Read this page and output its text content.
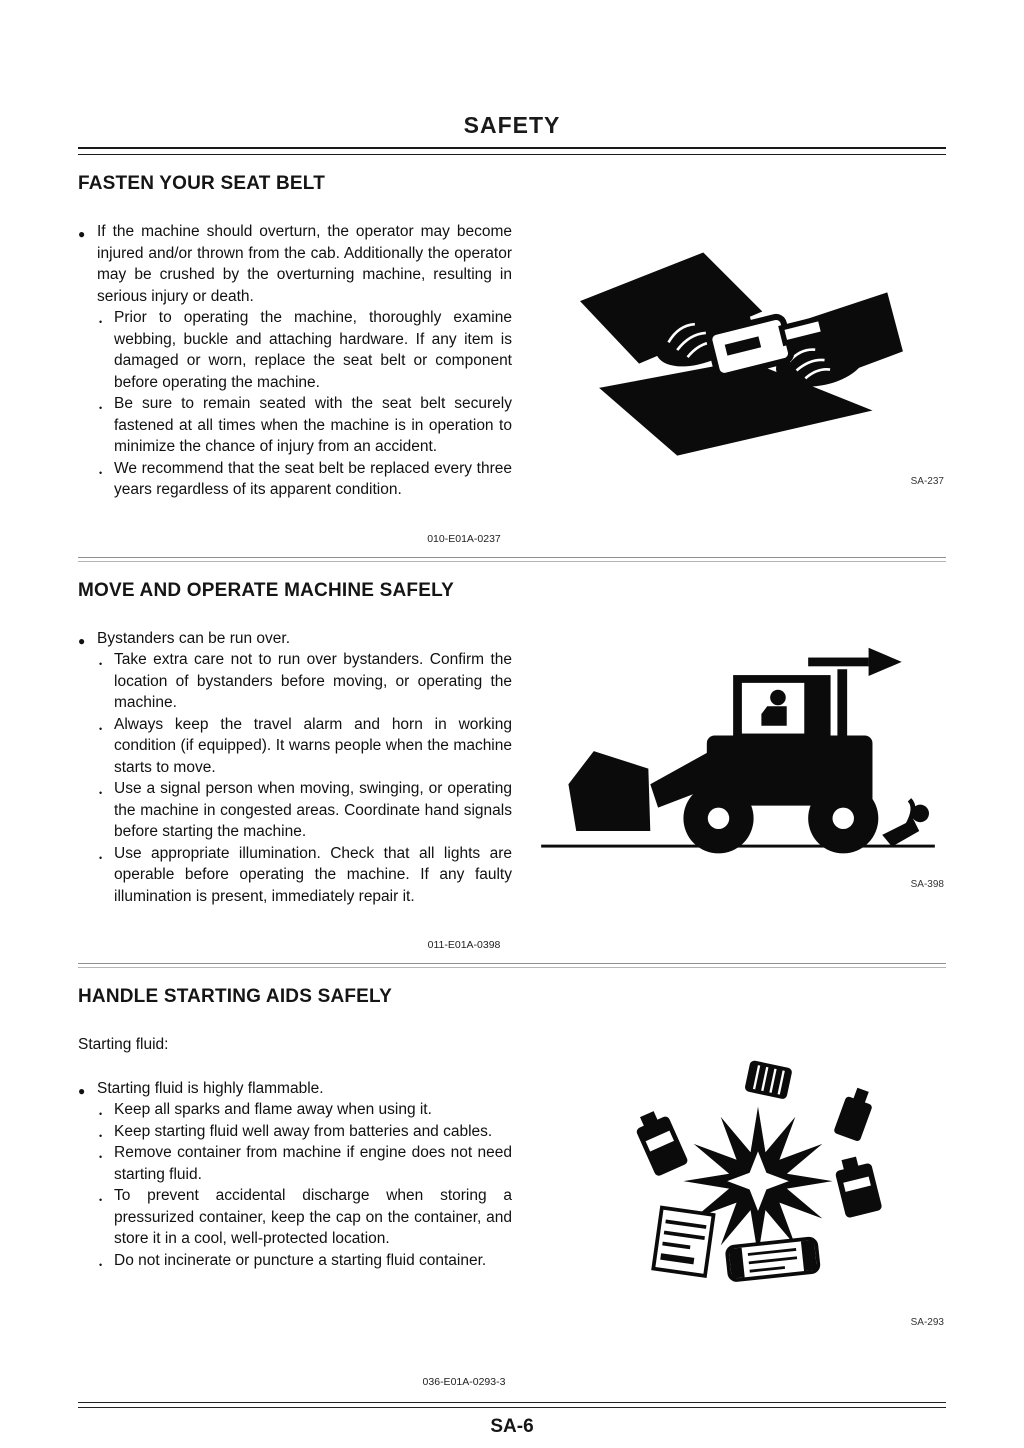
SAFETY
FASTEN YOUR SEAT BELT
● If the machine should overturn, the operator may become injured and/or thrown from the cab. Additionally the operator may be crushed by the overturning machine, resulting in serious injury or death.
• Prior to operating the machine, thoroughly examine webbing, buckle and attaching hardware. If any item is damaged or worn, replace the seat belt or component before operating the machine.
• Be sure to remain seated with the seat belt securely fastened at all times when the machine is in operation to minimize the chance of injury from an accident.
• We recommend that the seat belt be replaced every three years regardless of its apparent condition.	SA-237
010-E01A-0237
MOVE AND OPERATE MACHINE SAFELY
● Bystanders can be run over.
• Take extra care not to run over bystanders. Confirm the location of bystanders before moving, or operating the machine.
• Always keep the travel alarm and horn in working condition (if equipped). It warns people when the machine starts to move.
• Use a signal person when moving, swinging, or operating the machine in congested areas. Coordinate hand signals before starting the machine.
• Use appropriate illumination. Check that all lights are operable before operating the machine. If any faulty illumination is present, immediately repair it.
SA-398
011-E01A-0398
HANDLE STARTING AIDS SAFELY
Starting fluid:
● Starting fluid is highly flammable.
• Keep all sparks and flame away when using it.
• Keep starting fluid well away from batteries and cables.
• Remove container from machine if engine does not need starting fluid.
• To prevent accidental discharge when storing a pressurized container, keep the cap on the container, and store it in a cool, well-protected location.
• Do not incinerate or puncture a starting fluid container.
SA-293
036-E01A-0293-3
SA-6
